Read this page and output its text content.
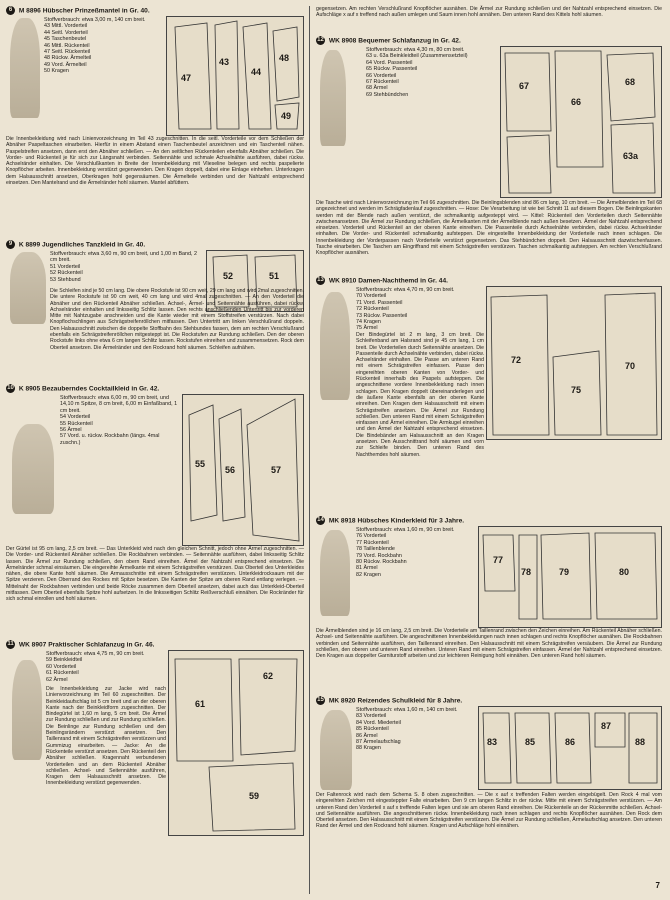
6 M 8896 Hübscher Prinzeßmantel in Gr. 40.
Stoffverbrauch: etwa 3,00 m, 140 cm breit.
43 Mittl. Vorderteil
44 Seitl. Vorderteil
45 Taschenbeutel
46 Mittl. Rückenteil
47 Seitl. Rückenteil
48 Rückw. Ärmelteil
49 Vord. Ärmelteil
50 Kragen
47
43
44
48
49
Die Innenbekleidung wird nach Linienvorzeichnung im Teil 43 zugeschnitten. In die seitl. Vorderteile vor dem Schließen der Abnäher Paspeltaschen einarbeiten. Hierfür in einem Abstand einen Taschenbeutel anzeichnen und ein Taschenteil nähen. Paspelstreifen ansetzen, dann erst den Abnäher schließen. — An den seitlichen Rückenteilen ebenfalls Abnäher schließen. Die Vorder- und Rückenteil je für sich zur Längsnaht verbinden. Seitennähte und schmale Achselnähte ausführen, dabei rückw. Achselränder einhalten. Die Verschlußkanten in Breite der Innenbekleidung mit Vlieseline belegen und rechts paspelierte Knopflöcher arbeiten. Innenbekleidung verstürzt gegenwenden. Den Kragen doppelt, dabei eine Einlage einheften. Unterkragen dem Halsausschnitt ansetzen, Oberkragen hohl gegensäumen. Die Ärmelteile verbinden und der Nahtzahl entsprechend einsetzen. Den Mantelrand und die Ärmelränder hohl säumen. Mantel abfüttern.
9 K 8899 Jugendliches Tanzkleid in Gr. 40.
Stoffverbrauch: etwa 3,60 m, 90 cm breit, und 1,00 m Band, 2 cm breit.
51 Vorderteil
52 Rückenteil
53 Stehbund	52	51
Die Schleifen sind je 50 cm lang. Die obere Rockstufe ist 90 cm weit, 29 cm lang und wird 2mal zugeschnitten. Die untere Rockstufe ist 90 cm weit, 40 cm lang und wird 4mal zugeschnitten. — An den Vorderteil die Abnäher und den Rückenteil Abnäher schließen. Achsel-, Ärmel- und Seitennähte ausführen, dabei rückw. Achselränder einhalten und linksseitig Schlitz lassen. Den rechts anschließenden Untertritt bis zur vorderen Mitte mit Nahtzugabe anschneiden und die Kante wieder mit einem Stoffstreifen verstürzen. Nach dabei Knopflochschlingen aus Schrägstreifenröllchen mitfassen. Den Untertritt am linken Verschlußrand doppeln. Den Halsausschnitt zwischen die doppelte Stoffbahn des Stehbundes fassen, dem am rechten Verschlußrand ebenfalls ein Schrägstreifenröllchen mitgesteppt ist. Die Rockstufen zur Rundung schließen. Den der oberen Rockstufe links ohne etwa 6 cm langen Schlitz lassen. Rockstufen einreihen und zusammensetzen. Rock dem Oberteil ansetzen. Die Ärmelränder und den Rockrand hohl säumen. Schleifen aufnähen.
10 K 8905 Bezauberndes Cocktailkleid in Gr. 42.
Stoffverbrauch: etwa 6,00 m, 90 cm breit, und 14,10 m Spitze, 8 cm breit, 6,00 m Einfaßband, 1 cm breit.
54 Vorderteil
55 Rückenteil
56 Ärmel
57 Vord. u. rückw. Rockbahn (längs. 4mal zuschn.)
55
56	57
Der Gürtel ist 95 cm lang, 2,5 cm breit. — Das Unterkleid wird nach den gleichen Schnitt, jedoch ohne Ärmel zugeschnitten. — Die Vorder- und Rückenteil Abnäher schließen. Die Rockbahnen verbinden. — Seitennähte ausführen, dabei linksseitig Schlitz lassen. Die Ärmel zur Rundung schließen, den obern Rand einreihen. Ärmel der Nahtzahl entsprechend einsetzen. Die Ärmelränder schmal einsäumen. Die eingereihte Ärmelkante mit einem Schrägstreifen verstürzen. Das Oberteil des Unterkleides nähen, die obere Kante hohl säumen. Die Armausschnitte mit einem Schrägstreifen verstürzen. Unterkleidrocksaum mit der Spitze verzieren. Den Oberrand des Rockes mit Spitze besetzen. Die Kanten der Spitze am oberen Rand entlang verlegen. — Mittelnaht der Rockbahnen verbinden und beide Röcke zusammen dem Oberteil ansetzen, dabei auch das Unterkleid-Oberteil mitfassen. Dem Oberteil ebenfalls Spitze hohl aufsetzen. In die linksseitigen Schlitz Reißverschluß einnähen. Die Rockränder für sich schmal einrollen und hohl säumen.
11 WK 8907 Praktischer Schlafanzug in Gr. 46.
Stoffverbrauch: etwa 4,75 m, 90 cm breit.
59 Beinkleidteil
60 Vorderteil
61 Rückenteil
62 Ärmel
61
62
59
Die Innenbekleidung zur Jacke wird nach Linienvorzeichnung im Teil 60 zugeschnitten. Der Beinkleidaufschlag ist 5 cm breit und an der oberen Kante nach der Beinkleidform zugeschnitten. Der Bindegürtel ist 1,60 m lang, 5 cm breit. Die Ärmel zur Rundung schließen und zur Rundung schließen. Die Beinlinge zur Rundung schließen und den Beinlingsrändern verstürzt ansetzen. Den Taillenrand mit einem Schrägstreifen verstürzen und Gummizug einarbeiten. — Jacke: An die Rückenteile verstürzt ansetzen. Den Rückenteil den Abnäher schließen. Kragennaht verbundenen Vorderteilen und an dem Rückenteil Abnäher schließen. Achsel- und Seitennähte ausführen, Kragen dem Halsausschnitt ansetzen. Die Innenbekleidung verstürzt gegenwenden.
gegensetzen. Am rechten Verschlußrand Knopflöcher ausnähen. Die Ärmel zur Rundung schließen und der Nahtzahl entsprechend einsetzen. Die Aufschläge x auf x treffend nach außen umlegen und Saum innen hohl annähen. Den unteren Rand des Kittels hohl säumen.
12 WK 8908 Bequemer Schlafanzug in Gr. 42.
Stoffverbrauch: etwa 4,30 m, 80 cm breit.
63 u. 63a Beinkleidteil (Zusammensetzteil)
64 Vord. Passenteil
65 Rückw. Passenteil
66 Vorderteil
67 Rückenteil
68 Ärmel
69 Stehbündchen
67
66
68
63a
Die Tasche wird nach Linienvorzeichnung im Teil 66 zugeschnitten. Die Beinlingsblenden sind 86 cm lang, 10 cm breit. — Die Ärmelblenden im Teil 68 angezeichnet und werden im Schrägfadenlauf zugeschnitten. — Hose: Die Verarbeitung ist wie bei Schnitt 11 auf diesem Bogen. Die Beinlingskanten werden mit der Blende nach außen verstürzt, die schmalkantig aufgesteppt wird. — Kittel: Rückenteil den Vorderteilen durch Seitennähte zwischenansetzen. Die Ärmel zur Rundung schließen, die Ärmelkanten mit der Ärmelblende nach außen besetzen. Ärmel der Nahtzahl entsprechend einsetzen. Vorderteil und Rückenteil an der oberen Kante einreihen. Die Passenteile durch Achselnähte verbinden, dabei rückw. Achselränder einhalten. Die Vorder- und Rückenteil schmalkantig aufsteppen. Die eingestellte Innenbekleidung der Vorderteile nach innen schlagen. Die Innenbekleidung der Vorderpassen nach Vorderteile verstürzt gegensetzen. Das Stehbündchen doppelt. Den Halsausschnitt dazwischenfassen. Tasche einarbeiten. Die Taschen am Eingriffrand mit einem Schrägstreifen verstürzen. Taschen schmalkantig aufsteppen. Am rechten Verschlußrand Knopflöcher ausnähen.
13 WK 8910 Damen-Nachthemd in Gr. 44.
Stoffverbrauch: etwa 4,70 m, 90 cm breit.
70 Vorderteil
71 Vord. Passenteil
72 Rückenteil
73 Rückw. Passenteil
74 Kragen
75 Ärmel
72
75
70
Der Bindegürtel ist 2 m lang, 3 cm breit. Die Schleifenband am Halsrand sind je 45 cm lang, 1 cm breit. Die Vorderteilen durch Seitennähte ansetzen. Die Passenteile durch Achselnähte verbinden, dabei rückw. Achselränder einhalten. Die Passe am unteren Rand mit einem Schrägstreifen einfassen. Passe den eingereihten oberen Kanten von Vorder- und Rückenteil innerhalb des Paspels aufsteppen. Die angeschnittene vordere Innenbekleidung nach innen schlagen. Den Kragen doppelt übereinanderlegen und die äußere Kante ebenfalls an der oberen Kante einreihen. Den Kragen dem Halsausschnitt mit einem Schrägstreifen ansetzen. Die Ärmel zur Rundung schließen. Den unteren Rand mit einem Schrägstreifen einfassen und Ärmel einreihen. Die Armkugel einreihen und den Ärmel der Nahtzahl entsprechend einsetzen. Die Bindebänder am Halsausschnitt an den Kragen ansetzen. Den Ausschnittrand hohl säumen und vorn zur Schleife binden. Den unteren Rand des Nachthemdes hohl säumen.
14 MK 8918 Hübsches Kinderkleid für 3 Jahre.
Stoffverbrauch: etwa 1,60 m, 90 cm breit.
76 Vorderteil
77 Rückenteil
78 Taillenblende
79 Vord. Rockbahn
80 Rückw. Rockbahn
81 Ärmel
82 Kragen
77
78	79	80
Die Ärmelblenden sind je 16 cm lang, 2,5 cm breit. Die Vorderteile am Taillenrand zwischen den Zeichen einreihen. Am Rückenteil Abnäher schließen. Achsel- und Seitennähte ausführen. Die angeschnittenen Innenbekleidungen nach innen schlagen und rechts Knopflöcher ausnähen. Die Rockbahnen verbinden und Seitennähte ausführen, den Taillenrand einreihen. Den Halsausschnitt mit einem Schrägstreifen versäubern. Die Ärmel zur Rundung schließen, den oberen und unteren Rand einreihen. Unteren Rand mit einem Schrägstreifen einfassen. Ärmel der Nahtzahl entsprechend einsetzen. Den Kragen aus doppelter Garniturstoff arbeiten und zur leichteren Reinigung hohl einnähen. Den unteren Rand hohl säumen.
15 MK 8920 Reizendes Schulkleid für 8 Jahre.
Stoffverbrauch: etwa 1,60 m, 140 cm breit.
83 Vorderteil
84 Vord. Miederteil
85 Rückenteil
86 Ärmel
87 Ärmelaufschlag
88 Kragen
83	85	86
87
88
Der Faltenrock wird nach dem Schema S. 8 oben zugeschnitten. — Die x auf x treffenden Falten werden eingebügelt. Den Rock 4 mal vom eingereihten Zeichen mit eingesteppter Falte einarbeiten. Den 9 cm langen Schlitz in der rückw. Mitte mit einem Schrägstreifen verstürzen. — Am unteren Rand den Vorderteil x auf x treffende Falten legen und sie am oberen Rand einreihen. Die Rückenteile an der Rückenmitte schließen. Achsel- und Seitennähte ausführen. Die angeschnittenen rückw. Innenbekleidung nach innen schlagen und rechts Knopflöcher ausnähen. Den Rock dem Oberteil ansetzen. Den Halsausschnitt mit einem Schrägstreifen verstürzen. Die Ärmel zur Rundung schließen, Ärmelaufschlag ansetzen. Den unteren Rand der Ärmel und den Rockrand hohl säumen. Kragen und Aufschläge hohl einnähen.
7
